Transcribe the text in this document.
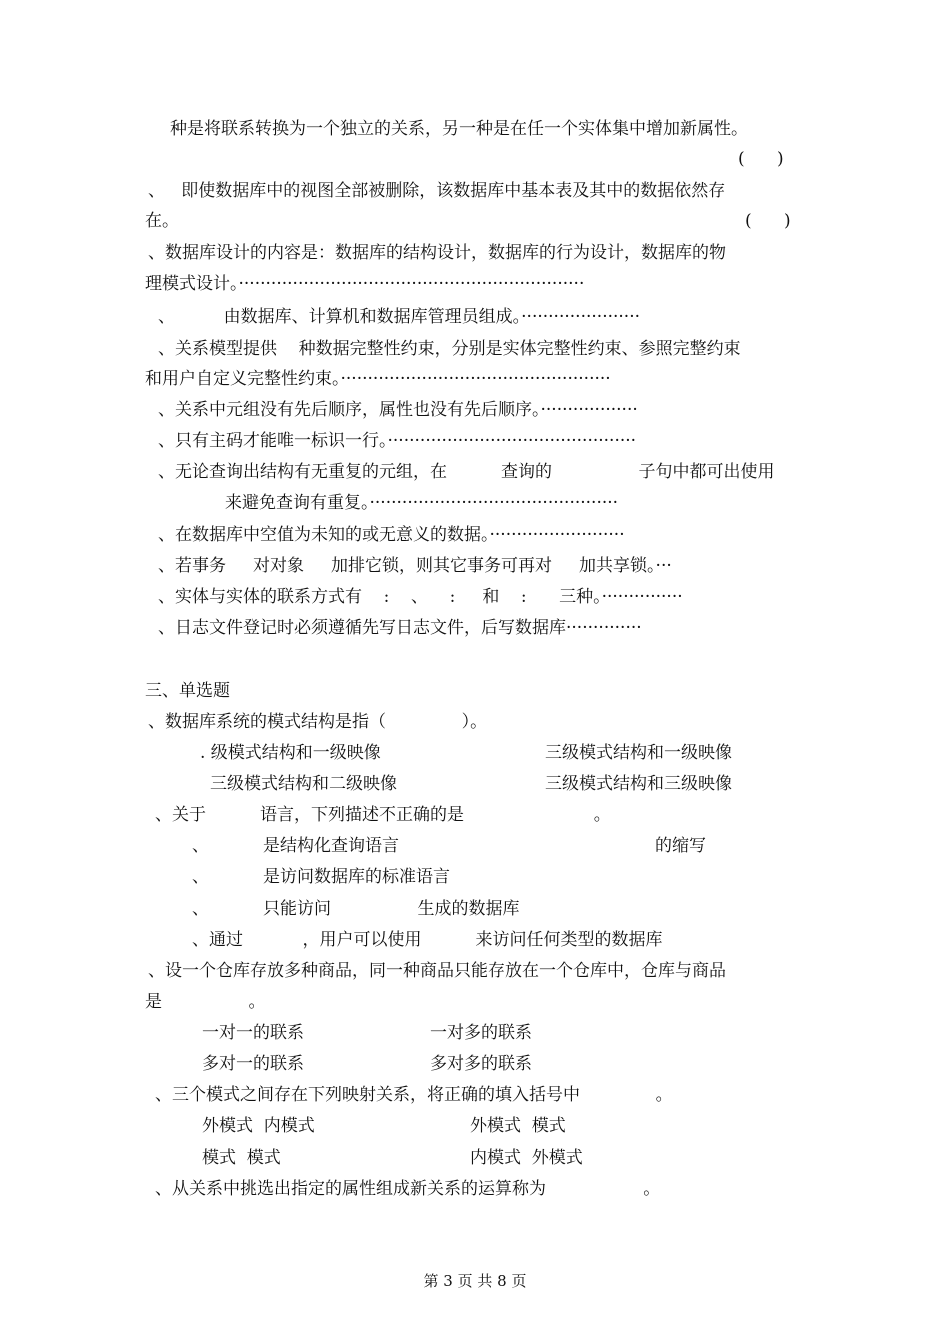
种是将联系转换为一个独立的关系，另一种是在任一个实体集中增加新属性。
(      )
、   即使数据库中的视图全部被删除，该数据库中基本表及其中的数据依然存
在。	(      )
、数据库设计的内容是：数据库的结构设计，数据库的行为设计，数据库的物
理模式设计。································································
、         由数据库、计算机和数据库管理员组成。······················
、关系模型提供    种数据完整性约束，分别是实体完整性约束、参照完整约束
和用户自定义完整性约束。··················································
、关系中元组没有先后顺序，属性也没有先后顺序。··················
、只有主码才能唯一标识一行。··············································
、无论查询出结构有无重复的元组，在          查询的                子句中都可出使用
来避免查询有重复。··············································
、在数据库中空值为未知的或无意义的数据。·························
、若事务     对对象     加排它锁，则其它事务可再对     加共享锁。···
、实体与实体的联系方式有    :    、    :     和    :      三种。···············
、日志文件登记时必须遵循先写日志文件，后写数据库··············
三、单选题
、数据库系统的模式结构是指（              ）。
. 级模式结构和一级映像	三级模式结构和一级映像
三级模式结构和二级映像	三级模式结构和三级映像
、关于          语言，下列描述不正确的是                        。
、          是结构化查询语言	的缩写
、          是访问数据库的标准语言
、          只能访问                生成的数据库
、通过           ，用户可以使用          来访问任何类型的数据库
、设一个仓库存放多种商品，同一种商品只能存放在一个仓库中，仓库与商品
是                。
一对一的联系	一对多的联系
多对一的联系	多对多的联系
、三个模式之间存在下列映射关系，将正确的填入括号中              。
外模式  内模式	外模式  模式
模式  模式	内模式  外模式
、从关系中挑选出指定的属性组成新关系的运算称为                  。
第 3 页 共 8 页
